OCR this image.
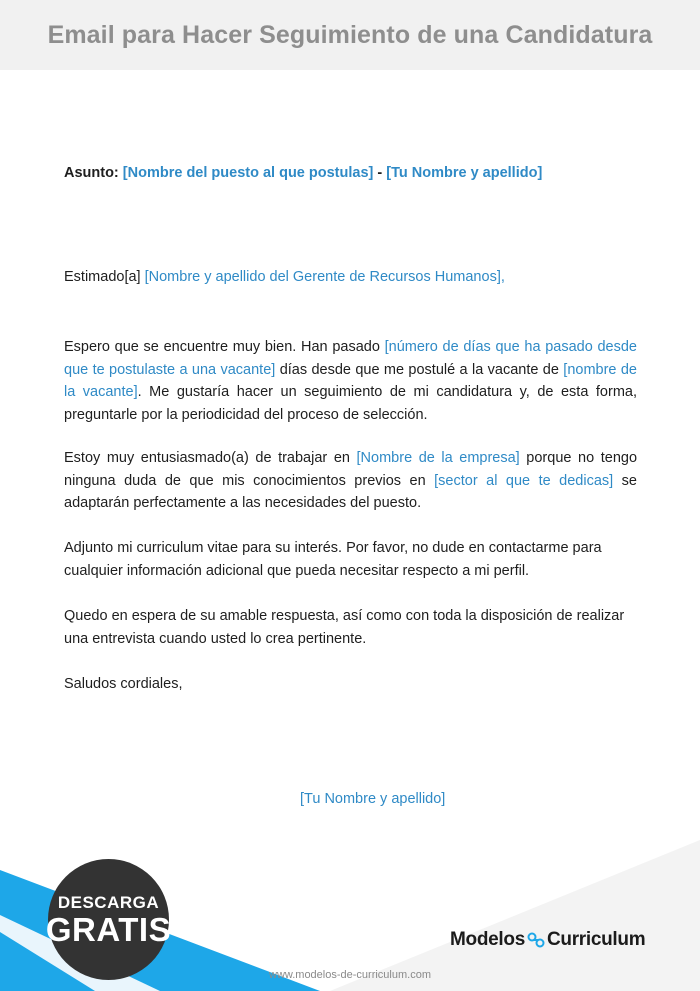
Email para Hacer Seguimiento de una Candidatura
Asunto: [Nombre del puesto al que postulas] - [Tu Nombre y apellido]
Estimado[a] [Nombre y apellido del Gerente de Recursos Humanos],

Espero que se encuentre muy bien. Han pasado [número de días que ha pasado desde que te postulaste a una vacante] días desde que me postulé a la vacante de [nombre de la vacante]. Me gustaría hacer un seguimiento de mi candidatura y, de esta forma, preguntarle por la periodicidad del proceso de selección.

Estoy muy entusiasmado(a) de trabajar en [Nombre de la empresa] porque no tengo ninguna duda de que mis conocimientos previos en [sector al que te dedicas] se adaptarán perfectamente a las necesidades del puesto.

Adjunto mi curriculum vitae para su interés. Por favor, no dude en contactarme para cualquier información adicional que pueda necesitar respecto a mi perfil.

Quedo en espera de su amable respuesta, así como con toda la disposición de realizar una entrevista cuando usted lo crea pertinente.

Saludos cordiales,

[Tu Nombre y apellido]

DESCARGA
GRATIS	Modelos Curriculum
www.modelos-de-curriculum.com
